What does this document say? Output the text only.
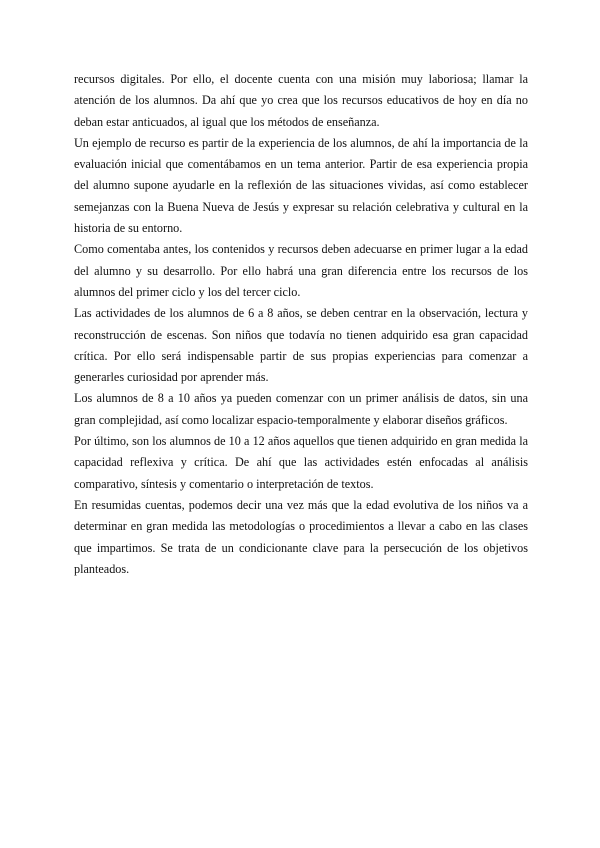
recursos digitales. Por ello, el docente cuenta con una misión muy laboriosa; llamar la atención de los alumnos. Da ahí que yo crea que los recursos educativos de hoy en día no deban estar anticuados, al igual que los métodos de enseñanza.

Un ejemplo de recurso es partir de la experiencia de los alumnos, de ahí la importancia de la evaluación inicial que comentábamos en un tema anterior. Partir de esa experiencia propia del alumno supone ayudarle en la reflexión de las situaciones vividas, así como establecer semejanzas con la Buena Nueva de Jesús y expresar su relación celebrativa y cultural en la historia de su entorno.

Como comentaba antes, los contenidos y recursos deben adecuarse en primer lugar a la edad del alumno y su desarrollo. Por ello habrá una gran diferencia entre los recursos de los alumnos del primer ciclo y los del tercer ciclo.

Las actividades de los alumnos de 6 a 8 años, se deben centrar en la observación, lectura y reconstrucción de escenas. Son niños que todavía no tienen adquirido esa gran capacidad crítica. Por ello será indispensable partir de sus propias experiencias para comenzar a generarles curiosidad por aprender más.

Los alumnos de 8 a 10 años ya pueden comenzar con un primer análisis de datos, sin una gran complejidad, así como localizar espacio-temporalmente y elaborar diseños gráficos.

Por último, son los alumnos de 10 a 12 años aquellos que tienen adquirido en gran medida la capacidad reflexiva y crítica. De ahí que las actividades estén enfocadas al análisis comparativo, síntesis y comentario o interpretación de textos.

En resumidas cuentas, podemos decir una vez más que la edad evolutiva de los niños va a determinar en gran medida las metodologías o procedimientos a llevar a cabo en las clases que impartimos. Se trata de un condicionante clave para la persecución de los objetivos planteados.
